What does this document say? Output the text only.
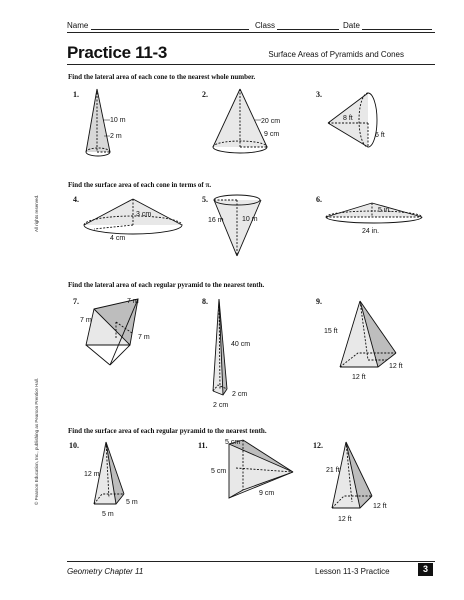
Name	Class	Date
Practice 11-3	Surface Areas of Pyramids and Cones
All rights reserved.
© Pearson Education, Inc., publishing as Pearson Prentice Hall.
Find the lateral area of each cone to the nearest whole number.
Find the surface area of each cone in terms of π.
Find the lateral area of each regular pyramid to the nearest tenth.
Find the surface area of each regular pyramid to the nearest tenth.
1.	2.	3.
4.	5.	6.
7.	8.	9.
10.	11.	12.
10 m
2 m
20 cm
9 cm
8 ft
6 ft
3 cm
4 cm
16 m	10 m
5 in.
24 in.
7 m
7 m
7 m
40 cm
2 cm
2 cm
15 ft
12 ft
12 ft
12 m
5 m
5 m
5 cm
5 cm
9 cm
21 ft
12 ft
12 ft
Geometry Chapter 11	Lesson 11-3 Practice	3
